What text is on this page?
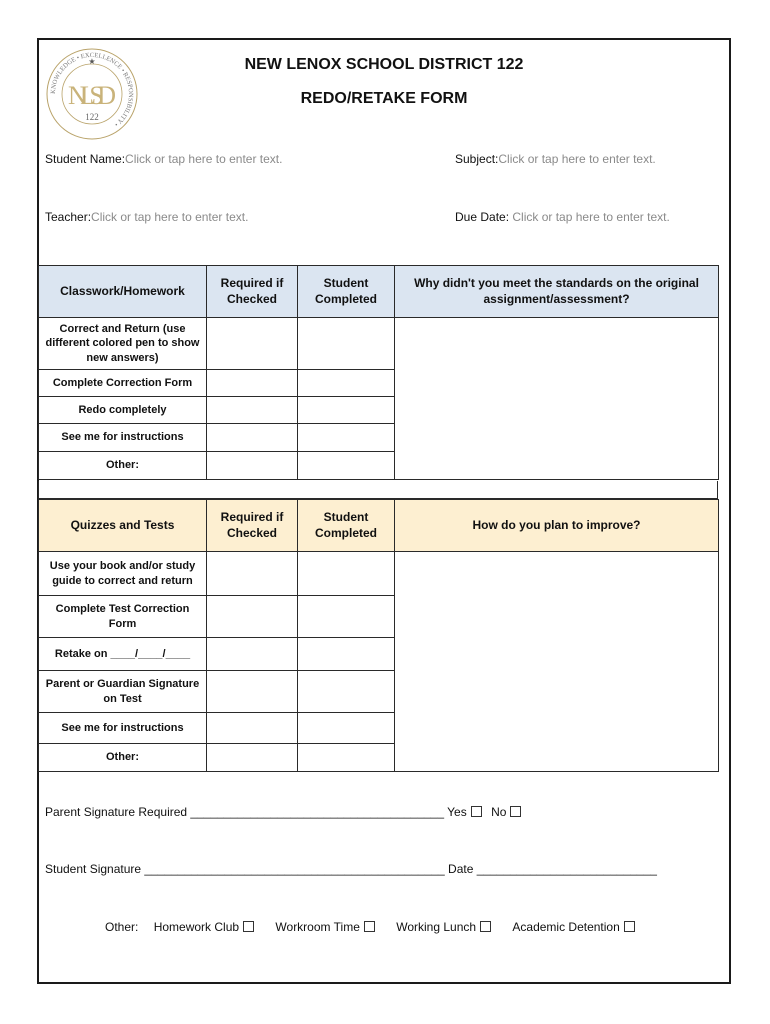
KNOWLEDGE • EXCELLENCE • RESPONSIBILITY •
NLSD
122
★	NEW LENOX SCHOOL DISTRICT 122
REDO/RETAKE FORM
Student Name:Click or tap here to enter text.	Subject:Click or tap here to enter text.
Teacher:Click or tap here to enter text.	Due Date: Click or tap here to enter text.
Classwork/Homework	Required if Checked	Student Completed	Why didn't you meet the standards on the original assignment/assessment?
Correct and Return (use different colored pen to show new answers)			
Complete Correction Form			
Redo completely			
See me for instructions			
Other:			
Quizzes and Tests	Required if Checked	Student Completed	How do you plan to improve?
Use your book and/or study guide to correct and return			
Complete Test Correction Form			
Retake on ____/____/____			
Parent or Guardian Signature on Test			
See me for instructions			
Other:			
Parent Signature Required ______________________________________ Yes No
Student Signature _____________________________________________ Date ___________________________
Other: Homework Club	Workroom Time	Working Lunch	Academic Detention
